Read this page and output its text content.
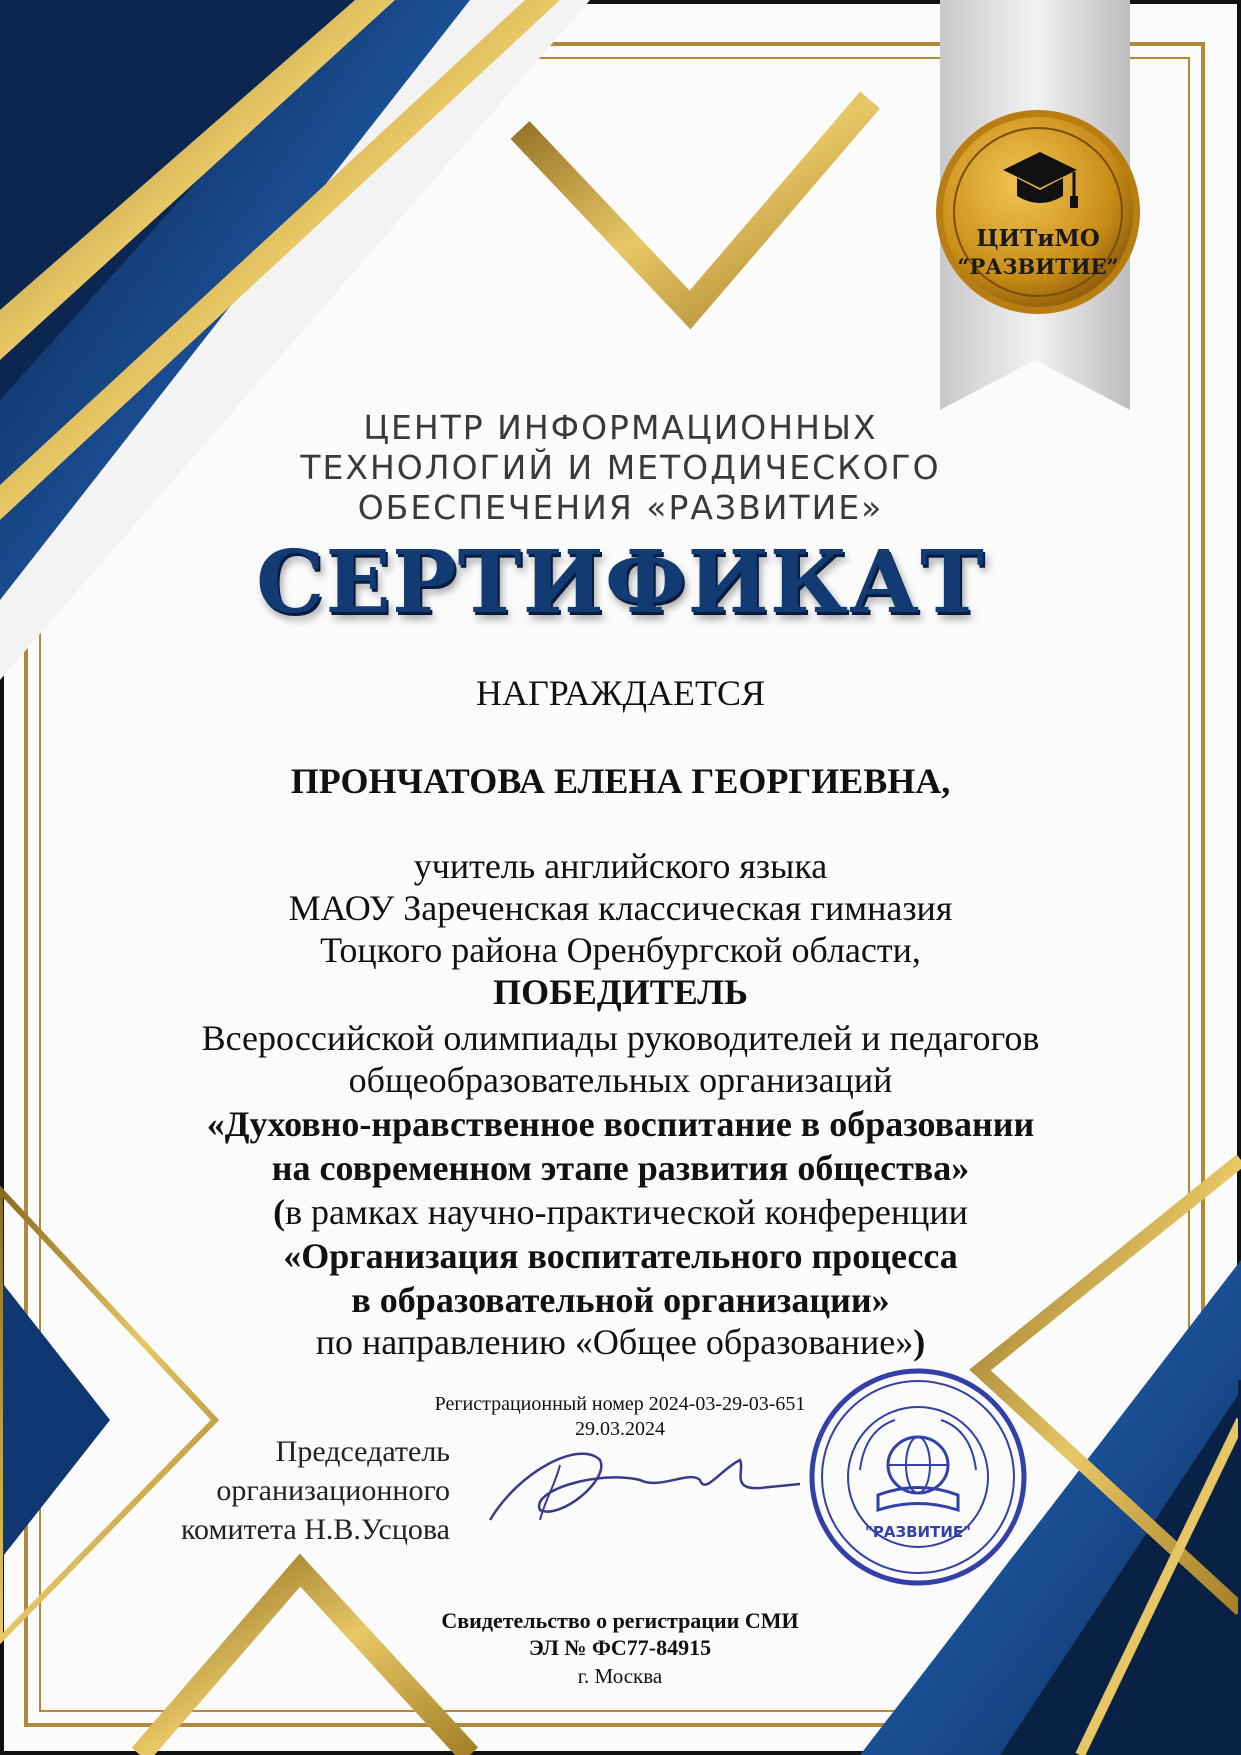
"РАЗВИТИЕ"
ЦИТиМО
“РАЗВИТИЕ”
ЦЕНТР ИНФОРМАЦИОННЫХ
ТЕХНОЛОГИЙ И МЕТОДИЧЕСКОГО
ОБЕСПЕЧЕНИЯ «РАЗВИТИЕ»
СЕРТИФИКАТ
НАГРАЖДАЕТСЯ
ПРОНЧАТОВА ЕЛЕНА ГЕОРГИЕВНА,
учитель английского языка
МАОУ Зареченская классическая гимназия
Тоцкого района Оренбургской области,
ПОБЕДИТЕЛЬ
Всероссийской олимпиады руководителей и педагогов
общеобразовательных организаций
«Духовно-нравственное воспитание в образовании
на современном этапе развития общества»
(в рамках научно-практической конференции
«Организация воспитательного процесса
в образовательной организации»
по направлению «Общее образование»)
Регистрационный номер 2024-03-29-03-651
29.03.2024
Председатель
организационного
комитета Н.В.Усцова
Свидетельство о регистрации СМИ
ЭЛ № ФС77-84915
г. Москва
